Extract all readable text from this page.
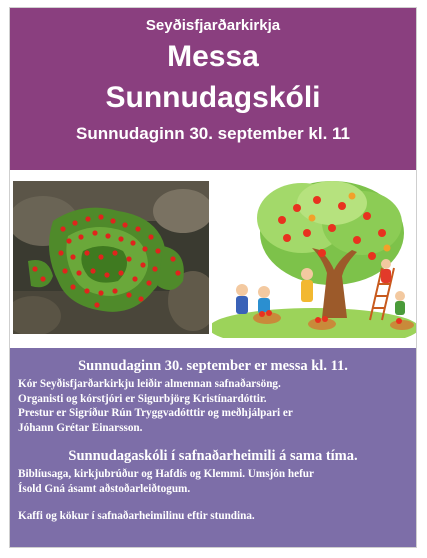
Seyðisfjarðarkirkja
Messa
Sunnudagskóli
Sunnudaginn 30. september kl. 11
Sunnudaginn 30. september er messa kl. 11.
Kór Seyðisfjarðarkirkju leiðir almennan safnaðarsöng.
Organisti og kórstjóri er Sigurbjörg Kristínardóttir.
Prestur er Sigríður Rún Tryggvadótttir og meðhjálpari er
Jóhann Grétar Einarsson.
Sunnudagaskóli í safnaðarheimili á sama tíma.
Biblíusaga, kirkjubrúður og Hafdís og Klemmi. Umsjón hefur
Ísold Gná ásamt aðstoðarleiðtogum.
Kaffi og kökur í safnaðarheimilinu eftir stundina.
